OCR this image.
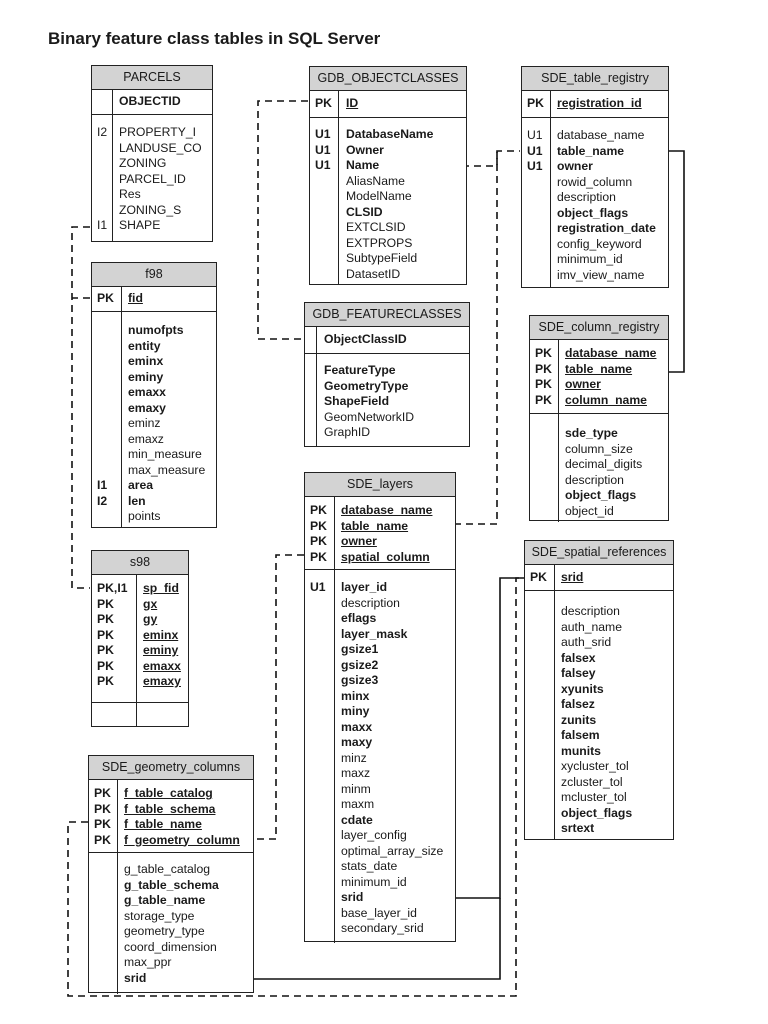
Binary feature class tables in SQL Server
PARCELS
OBJECTID
I2 PROPERTY_I
LANDUSE_CO
ZONING
PARCEL_ID
Res
ZONING_S
I1 SHAPE
f98
PK fid
numofpts
entity
eminx
eminy
emaxx
emaxy
eminz
emaxz
min_measure
max_measure
I1 area
I2 len
points
s98
PK,I1 sp_fid
PK gx
PK gy
PK eminx
PK eminy
PK emaxx
PK emaxy
SDE_geometry_columns
PK f_table_catalog
PK f_table_schema
PK f_table_name
PK f_geometry_column
g_table_catalog
g_table_schema
g_table_name
storage_type
geometry_type
coord_dimension
max_ppr
srid
GDB_OBJECTCLASSES
PK ID
U1 DatabaseName
U1 Owner
U1 Name
AliasName
ModelName
CLSID
EXTCLSID
EXTPROPS
SubtypeField
DatasetID
GDB_FEATURECLASSES
ObjectClassID
FeatureType
GeometryType
ShapeField
GeomNetworkID
GraphID
SDE_layers
PK database_name
PK table_name
PK owner
PK spatial_column
U1 layer_id
description
eflags
layer_mask
gsize1
gsize2
gsize3
minx
miny
maxx
maxy
minz
maxz
minm
maxm
cdate
layer_config
optimal_array_size
stats_date
minimum_id
srid
base_layer_id
secondary_srid
SDE_table_registry
PK registration_id
U1 database_name
U1 table_name
U1 owner
rowid_column
description
object_flags
registration_date
config_keyword
minimum_id
imv_view_name
SDE_column_registry
PK database_name
PK table_name
PK owner
PK column_name
sde_type
column_size
decimal_digits
description
object_flags
object_id
SDE_spatial_references
PK srid
description
auth_name
auth_srid
falsex
falsey
xyunits
falsez
zunits
falsem
munits
xycluster_tol
zcluster_tol
mcluster_tol
object_flags
srtext
